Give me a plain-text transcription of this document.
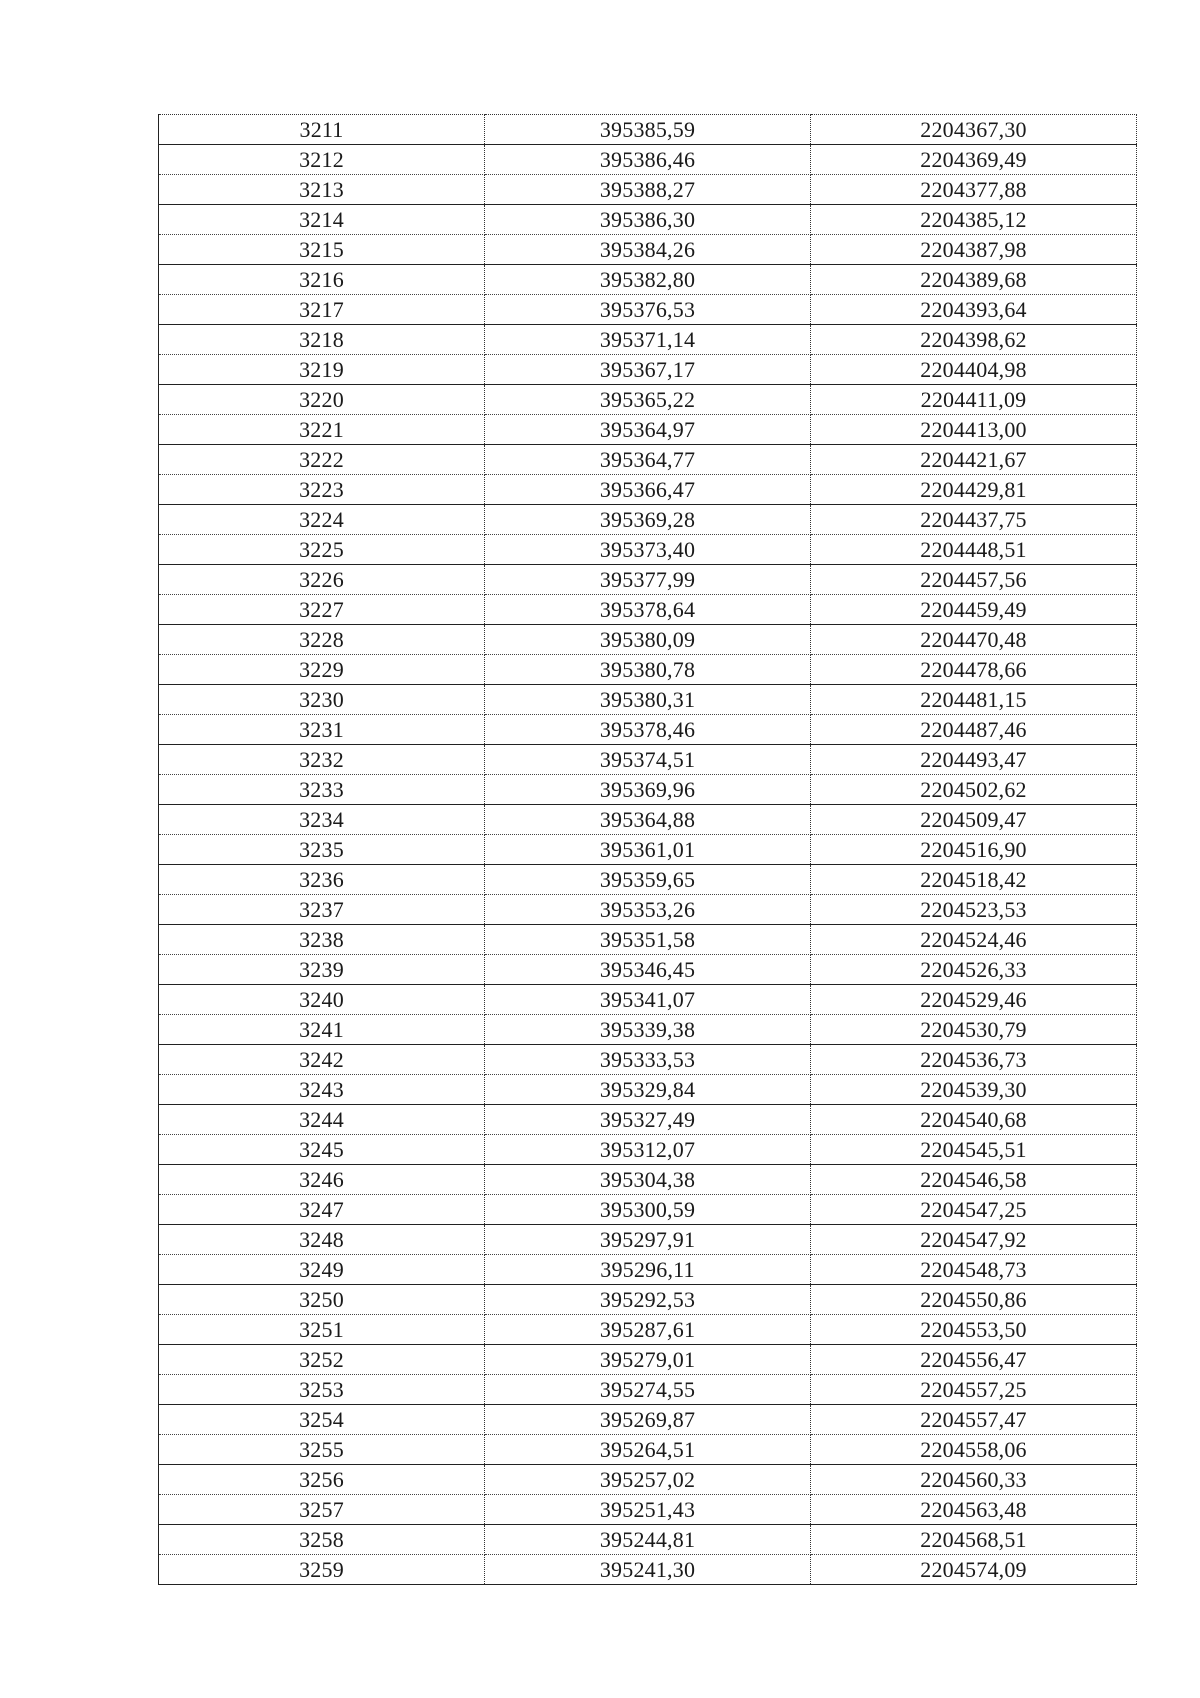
3211	395385,59	2204367,30
3212	395386,46	2204369,49
3213	395388,27	2204377,88
3214	395386,30	2204385,12
3215	395384,26	2204387,98
3216	395382,80	2204389,68
3217	395376,53	2204393,64
3218	395371,14	2204398,62
3219	395367,17	2204404,98
3220	395365,22	2204411,09
3221	395364,97	2204413,00
3222	395364,77	2204421,67
3223	395366,47	2204429,81
3224	395369,28	2204437,75
3225	395373,40	2204448,51
3226	395377,99	2204457,56
3227	395378,64	2204459,49
3228	395380,09	2204470,48
3229	395380,78	2204478,66
3230	395380,31	2204481,15
3231	395378,46	2204487,46
3232	395374,51	2204493,47
3233	395369,96	2204502,62
3234	395364,88	2204509,47
3235	395361,01	2204516,90
3236	395359,65	2204518,42
3237	395353,26	2204523,53
3238	395351,58	2204524,46
3239	395346,45	2204526,33
3240	395341,07	2204529,46
3241	395339,38	2204530,79
3242	395333,53	2204536,73
3243	395329,84	2204539,30
3244	395327,49	2204540,68
3245	395312,07	2204545,51
3246	395304,38	2204546,58
3247	395300,59	2204547,25
3248	395297,91	2204547,92
3249	395296,11	2204548,73
3250	395292,53	2204550,86
3251	395287,61	2204553,50
3252	395279,01	2204556,47
3253	395274,55	2204557,25
3254	395269,87	2204557,47
3255	395264,51	2204558,06
3256	395257,02	2204560,33
3257	395251,43	2204563,48
3258	395244,81	2204568,51
3259	395241,30	2204574,09
